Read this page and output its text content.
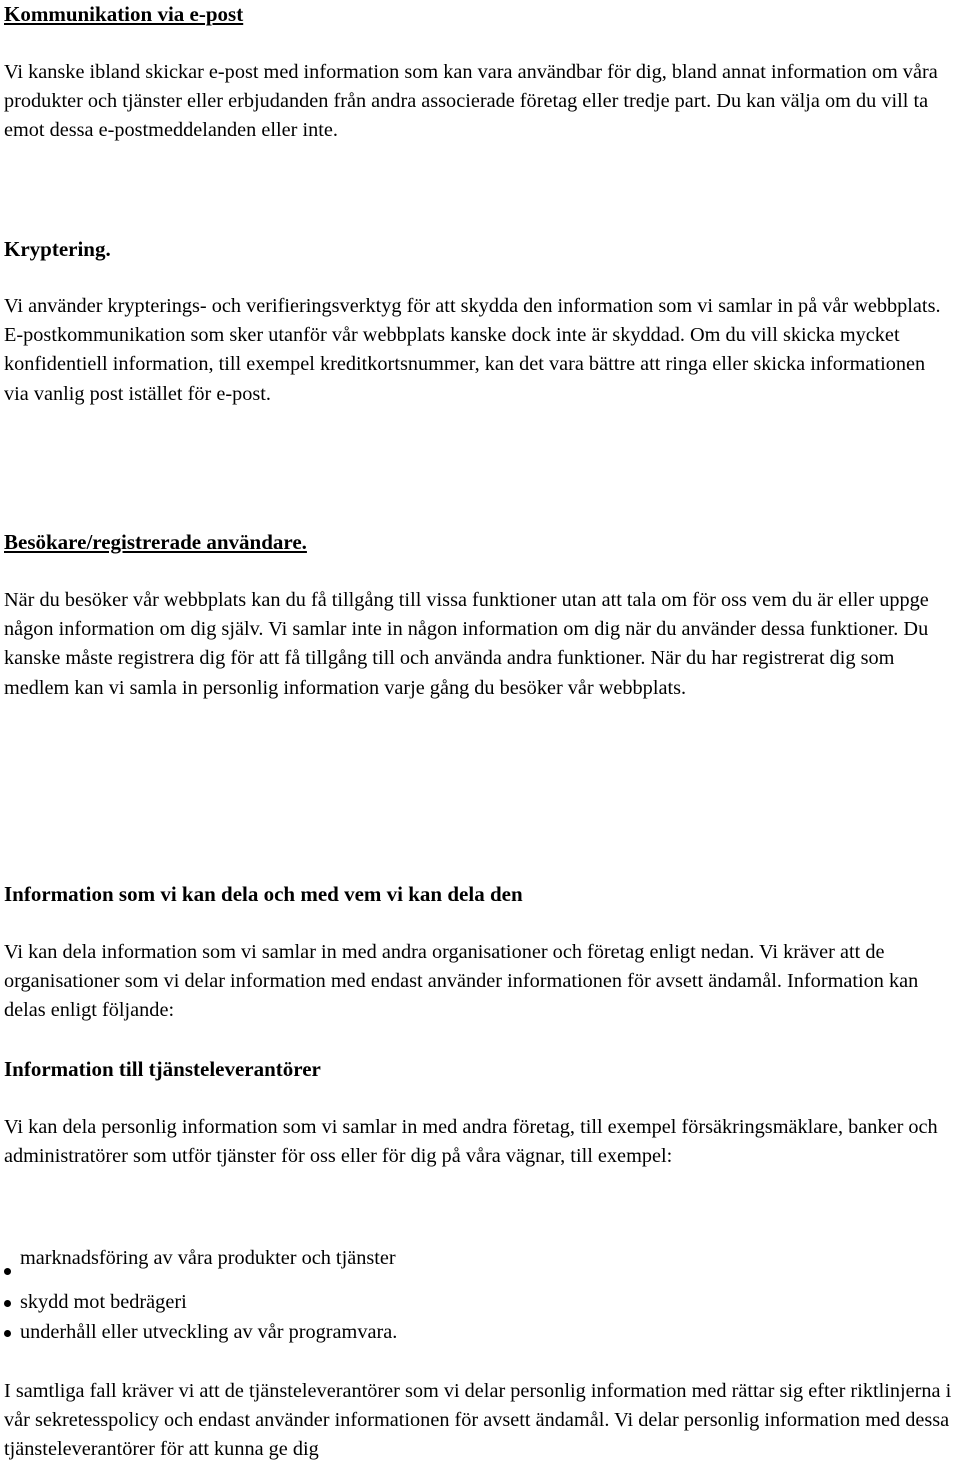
Kommunikation via e-post
Vi kanske ibland skickar e-post med information som kan vara användbar för dig, bland annat information om våra produkter och tjänster eller erbjudanden från andra associerade företag eller tredje part. Du kan välja om du vill ta emot dessa e-postmeddelanden eller inte.
Kryptering.
Vi använder krypterings- och verifieringsverktyg för att skydda den information som vi samlar in på vår webbplats. E-postkommunikation som sker utanför vår webbplats kanske dock inte är skyddad. Om du vill skicka mycket konfidentiell information, till exempel kreditkortsnummer, kan det vara bättre att ringa eller skicka informationen via vanlig post istället för e-post.
Besökare/registrerade användare.
När du besöker vår webbplats kan du få tillgång till vissa funktioner utan att tala om för oss vem du är eller uppge någon information om dig själv. Vi samlar inte in någon information om dig när du använder dessa funktioner. Du kanske måste registrera dig för att få tillgång till och använda andra funktioner. När du har registrerat dig som medlem kan vi samla in personlig information varje gång du besöker vår webbplats.
Information som vi kan dela och med vem vi kan dela den
Vi kan dela information som vi samlar in med andra organisationer och företag enligt nedan. Vi kräver att de organisationer som vi delar information med endast använder informationen för avsett ändamål. Information kan delas enligt följande:
Information till tjänsteleverantörer
Vi kan dela personlig information som vi samlar in med andra företag, till exempel försäkringsmäklare, banker och administratörer som utför tjänster för oss eller för dig på våra vägnar, till exempel:
marknadsföring av våra produkter och tjänster
skydd mot bedrägeri
underhåll eller utveckling av vår programvara.
I samtliga fall kräver vi att de tjänsteleverantörer som vi delar personlig information med rättar sig efter riktlinjerna i vår sekretesspolicy och endast använder informationen för avsett ändamål. Vi delar personlig information med dessa tjänsteleverantörer för att kunna ge dig
